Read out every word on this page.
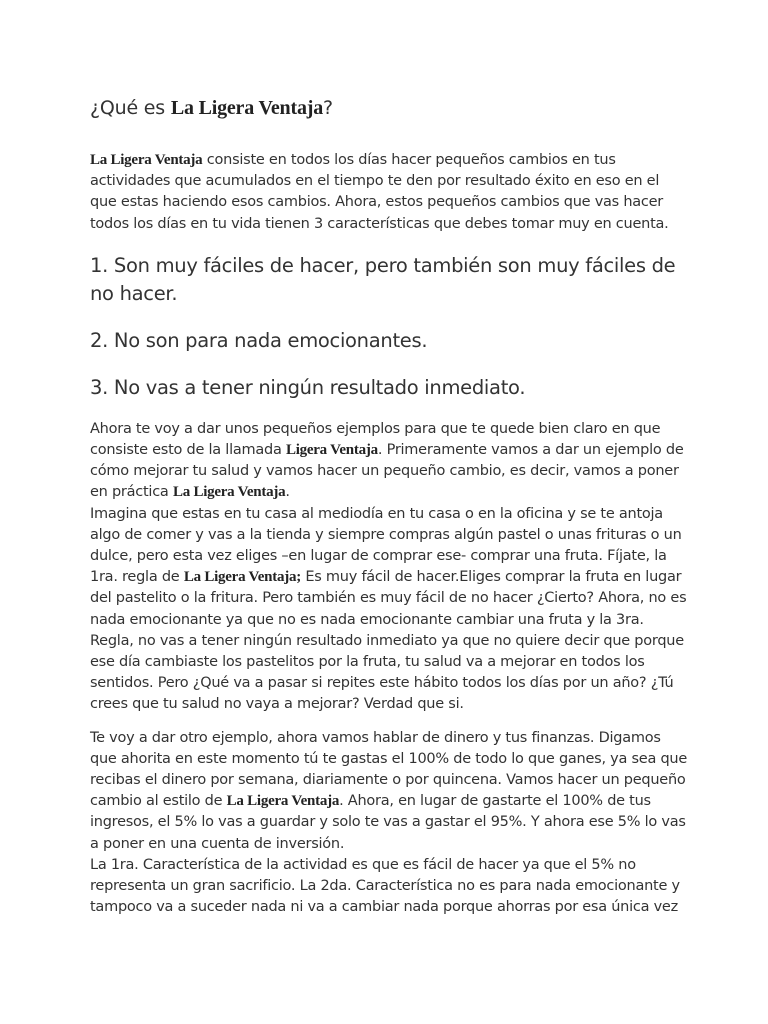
¿Qué es La Ligera Ventaja?

La Ligera Ventaja consiste en todos los días hacer pequeños cambios en tus actividades que acumulados en el tiempo te den por resultado éxito en eso en el que estas haciendo esos cambios. Ahora, estos pequeños cambios que vas hacer todos los días en tu vida tienen 3 características que debes tomar muy en cuenta.

1. Son muy fáciles de hacer, pero también son muy fáciles de no hacer.
2. No son para nada emocionantes.
3. No vas a tener ningún resultado inmediato.

Ahora te voy a dar unos pequeños ejemplos para que te quede bien claro en que consiste esto de la llamada Ligera Ventaja. Primeramente vamos a dar un ejemplo de cómo mejorar tu salud y vamos hacer un pequeño cambio, es decir, vamos a poner en práctica La Ligera Ventaja.
Imagina que estas en tu casa al mediodía en tu casa o en la oficina y se te antoja algo de comer y vas a la tienda y siempre compras algún pastel o unas frituras o un dulce, pero esta vez eliges –en lugar de comprar ese- comprar una fruta. Fíjate, la 1ra. regla de La Ligera Ventaja; Es muy fácil de hacer.Eliges comprar la fruta en lugar del pastelito o la fritura. Pero también es muy fácil de no hacer ¿Cierto? Ahora, no es nada emocionante ya que no es nada emocionante cambiar una fruta y la 3ra. Regla, no vas a tener ningún resultado inmediato ya que no quiere decir que porque ese día cambiaste los pastelitos por la fruta, tu salud va a mejorar en todos los sentidos. Pero ¿Qué va a pasar si repites este hábito todos los días por un año? ¿Tú crees que tu salud no vaya a mejorar? Verdad que si.

Te voy a dar otro ejemplo, ahora vamos hablar de dinero y tus finanzas. Digamos que ahorita en este momento tú te gastas el 100% de todo lo que ganes, ya sea que recibas el dinero por semana, diariamente o por quincena. Vamos hacer un pequeño cambio al estilo de La Ligera Ventaja. Ahora, en lugar de gastarte el 100% de tus ingresos, el 5% lo vas a guardar y solo te vas a gastar el 95%. Y ahora ese 5% lo vas a poner en una cuenta de inversión.
La 1ra. Característica de la actividad es que es fácil de hacer ya que el 5% no representa un gran sacrificio. La 2da. Característica no es para nada emocionante y tampoco va a suceder nada ni va a cambiar nada porque ahorras por esa única vez
